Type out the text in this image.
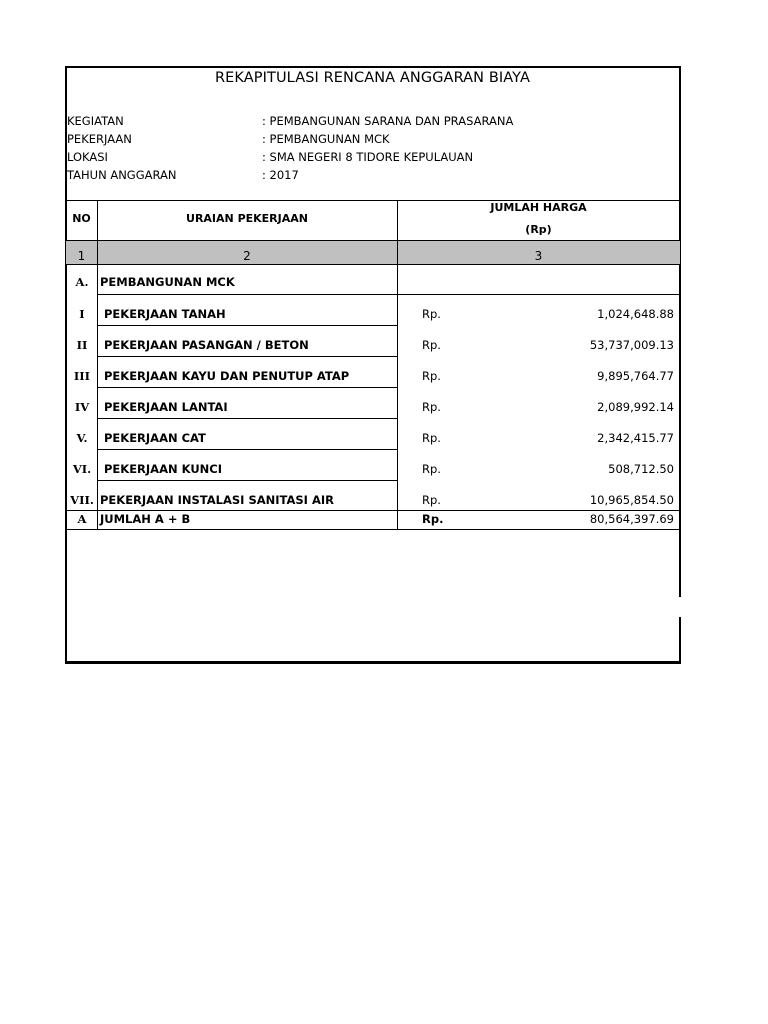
REKAPITULASI RENCANA ANGGARAN BIAYA
KEGIATAN	: PEMBANGUNAN SARANA DAN PRASARANA
PEKERJAAN	: PEMBANGUNAN MCK
LOKASI	: SMA NEGERI 8 TIDORE KEPULAUAN
TAHUN ANGGARAN	: 2017
NO	URAIAN PEKERJAAN
JUMLAH HARGA
(Rp)
1	2	3
A.	PEMBANGUNAN MCK
I	PEKERJAAN TANAH	Rp.	1,024,648.88
II	PEKERJAAN PASANGAN / BETON	Rp.	53,737,009.13
III	PEKERJAAN KAYU DAN PENUTUP ATAP	Rp.	9,895,764.77
IV	PEKERJAAN LANTAI	Rp.	2,089,992.14
V.	PEKERJAAN CAT	Rp.	2,342,415.77
VI.	PEKERJAAN KUNCI	Rp.	508,712.50
VII. PEKERJAAN INSTALASI SANITASI AIR	Rp.	10,965,854.50
A	JUMLAH A + B	Rp.	80,564,397.69
